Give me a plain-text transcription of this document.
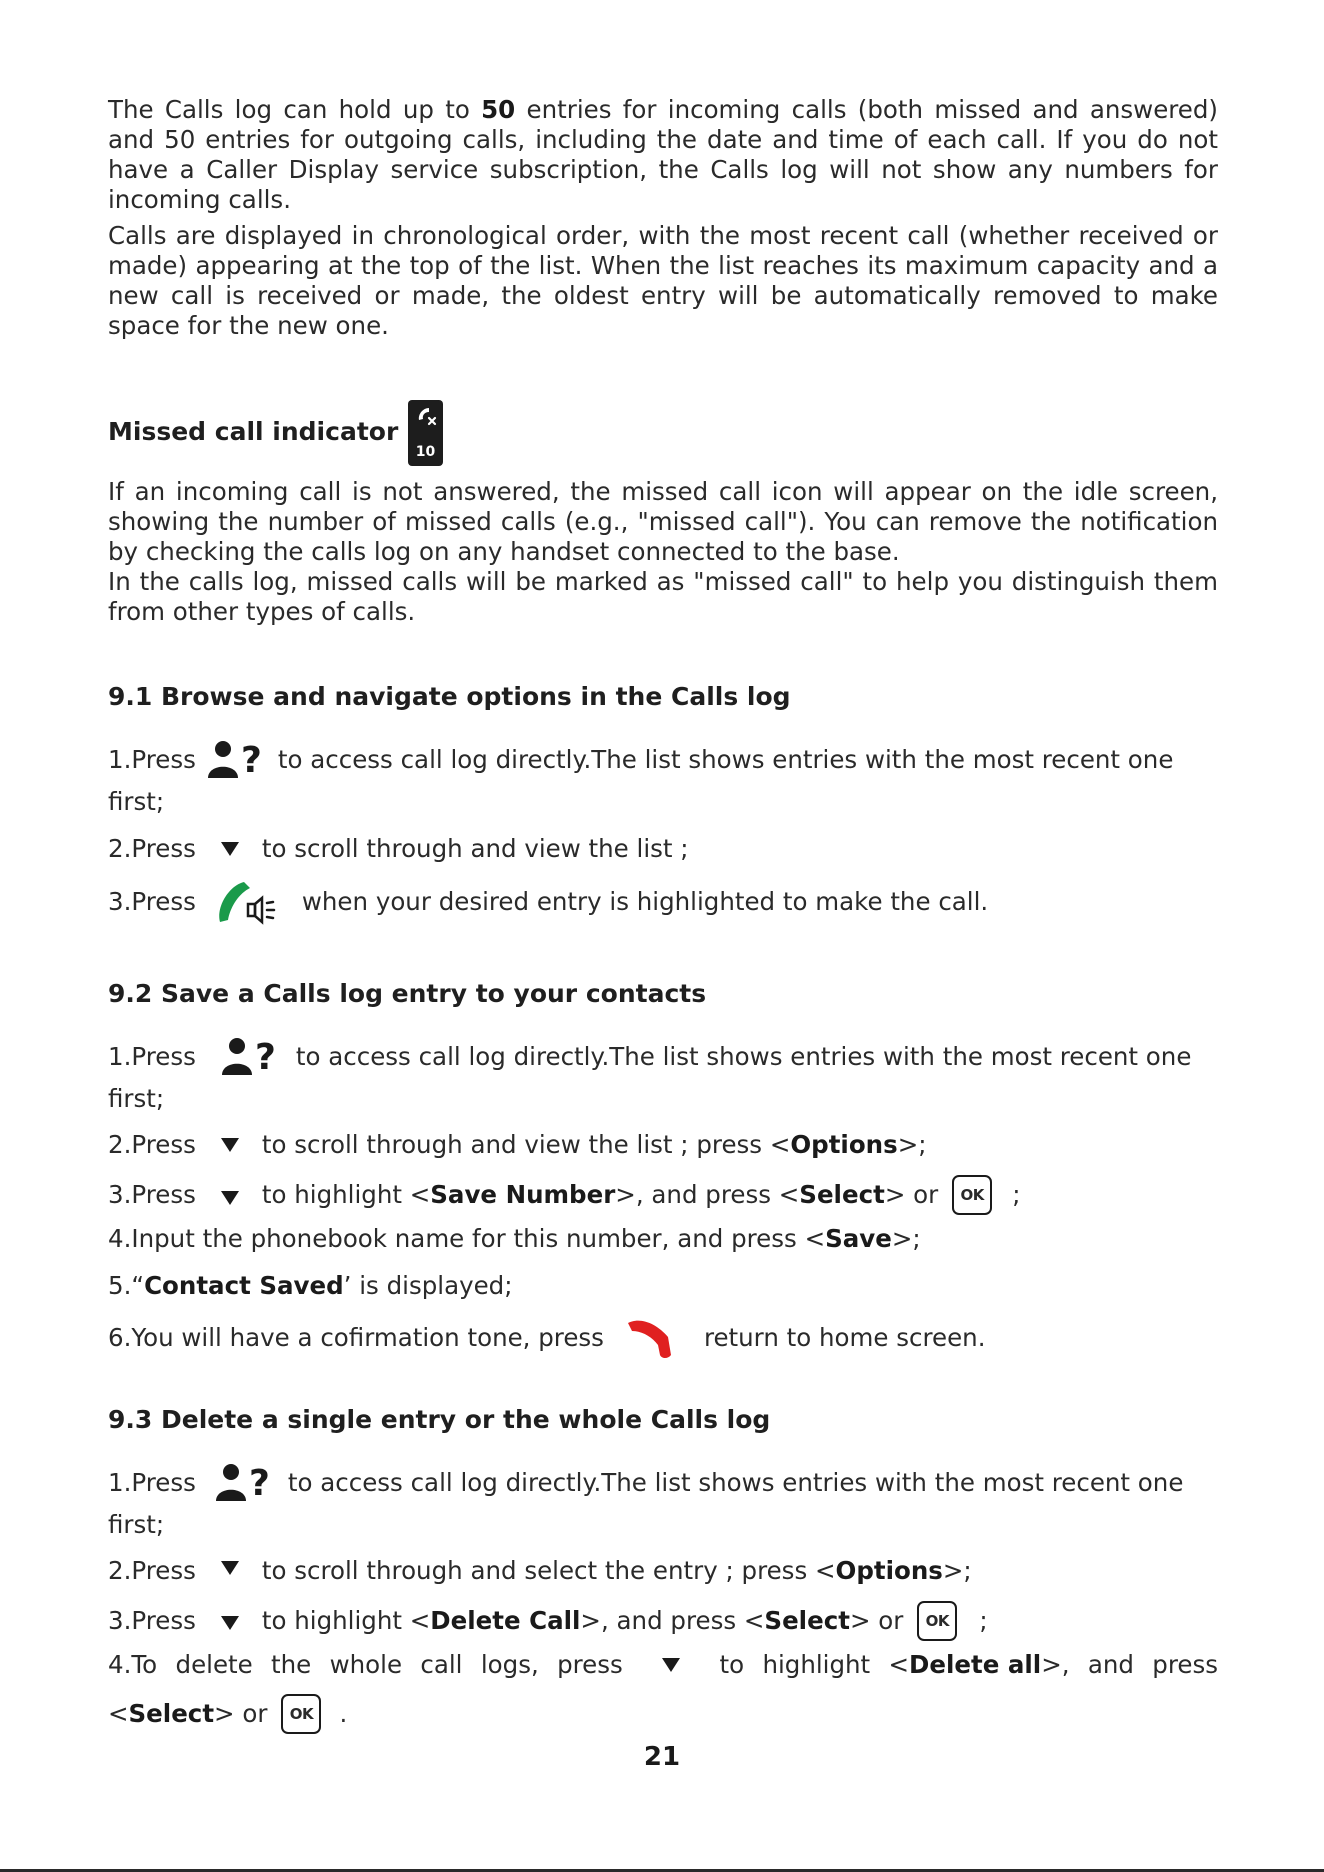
The Calls log can hold up to 50 entries for incoming calls (both missed and answered) and 50 entries for outgoing calls, including the date and time of each call. If you do not have a Caller Display service subscription, the Calls log will not show any numbers for incoming calls.

Calls are displayed in chronological order, with the most recent call (whether received or made) appearing at the top of the list. When the list reaches its maximum capacity and a new call is received or made, the oldest entry will be automatically removed to make space for the new one.

Missed call indicator

10

If an incoming call is not answered, the missed call icon will appear on the idle screen, showing the number of missed calls (e.g., "missed call"). You can remove the notification by checking the calls log on any handset connected to the base.

In the calls log, missed calls will be marked as "missed call" to help you distinguish them from other types of calls.

9.1 Browse and navigate options in the Calls log

1.Press ? to access call log directly.The list shows entries with the most recent one
first;
2.Press	to scroll through and view the list ;
3.Press	when your desired entry is highlighted to make the call.

9.2 Save a Calls log entry to your contacts

1.Press ? to access call log directly.The list shows entries with the most recent one
first;
2.Press	to scroll through and view the list ; press < Options >;
3.Press	to highlight < Save Number >, and press < Select > or	OK	;
4.Input the phonebook name for this number, and press < Save >;
5.“ Contact Saved ’ is displayed;
6.You will have a cofirmation tone, press	return to home screen.

9.3 Delete a single entry or the whole Calls log

1.Press ? to access call log directly.The list shows entries with the most recent one
first;
2.Press	to scroll through and select the entry ; press < Options >;
3.Press	to highlight < Delete Call >, and press < Select > or	OK	;
4.To delete the whole call logs, press	to highlight <Delete all>, and press
< Select > or	OK	.
21
